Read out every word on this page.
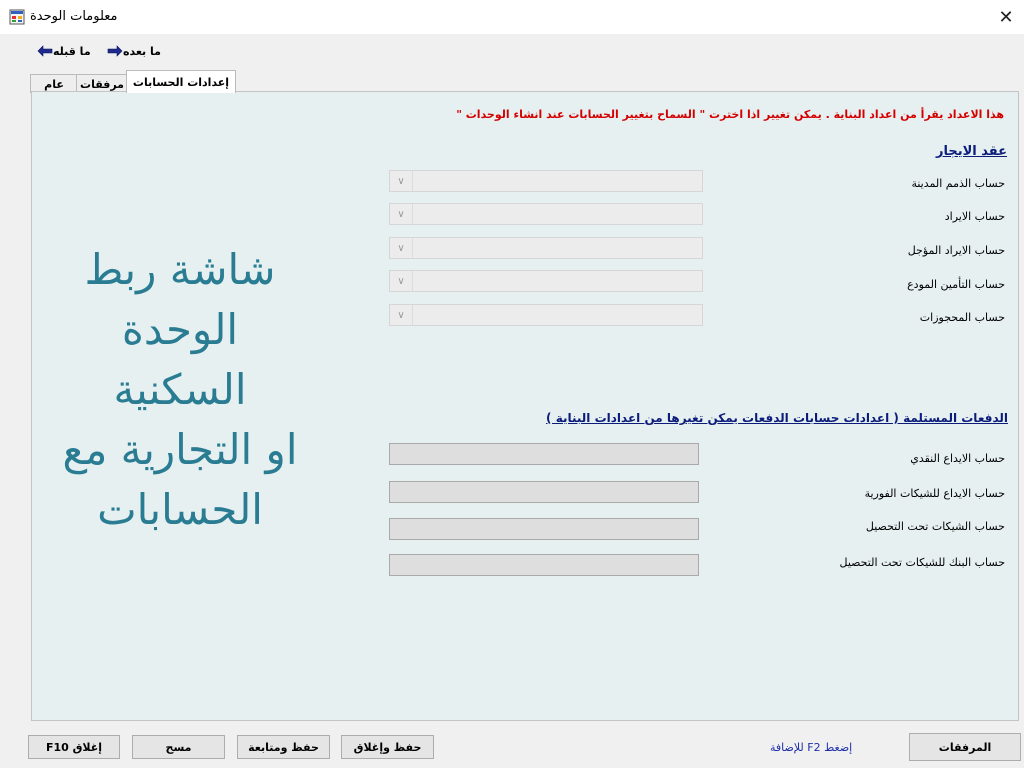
معلومات الوحدة	✕
ما قبله	ما بعده
عام	مرفقات إعدادات الحسابات
هذا الاعداد يقرأ من اعداد البناية . يمكن تغيير اذا اخترت " السماح بتغيير الحسابات عند انشاء الوحدات "
عقد الايجار
حساب الذمم المدينة
∨
حساب الايراد
∨
حساب الايراد المؤجل
∨
حساب التأمين المودع
∨
حساب المحجوزات
∨
الدفعات المستلمة ( اعدادات حسابات الدفعات يمكن تغيرها من اعدادات البناية )
حساب الايداع النقدي
حساب الايداع للشيكات الفورية
حساب الشيكات تحت التحصيل
حساب البنك للشيكات تحت التحصيل
شاشة ربط
الوحدة السكنية
او التجارية مع
الحسابات
إغلاق F10	مسح	حفظ ومتابعة	حفظ وإغلاق	إضغط F2 للإضافة	المرفقات
